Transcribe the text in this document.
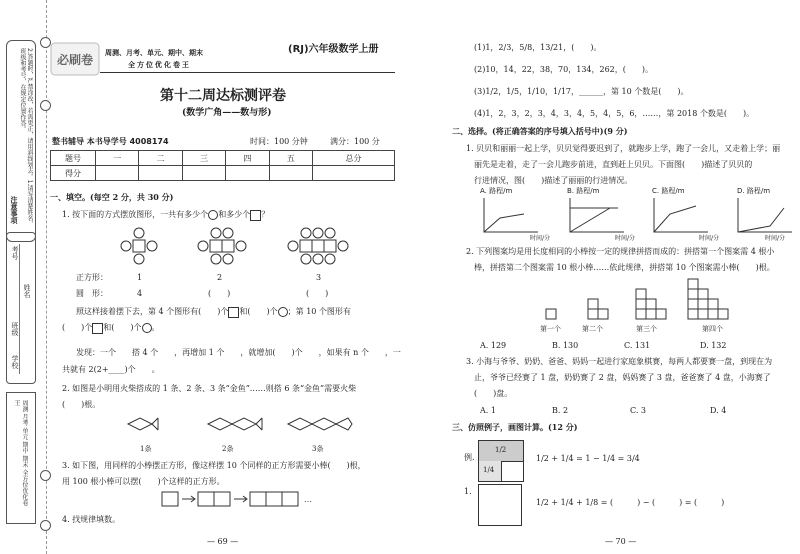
2.答题时，严禁涂改，若需更正，请用斜线划去。1.请写清楚姓名、班级和考号，在规定位置作答。
注意事项
学校
班级
姓名
考号
周测 月考 单元 期中 期末 全方位优化卷王
必刷卷 周测、月考、单元、期中、期末
全方位优化卷王
(RJ)六年级数学上册
第十二周达标测评卷
(数学广角——数与形)
整书辅导 本书导学号 4008174	时间：100 分钟	满分：100 分
题号	一	二	三	四	五	总分
得分						
一、填空。(每空 2 分，共 30 分)
1. 按下面的方式摆放图形，一共有多少个 和多少个 ？
正方形：	1	2	3
圆　形：	4	(　　)	(　　)
照这样接着摆下去，第 4 个图形有(　　)个 和(　　)个 ；第 10 个图形有
(　　)个 和(　　)个 。
发现：一个　　搭 4 个　　，再增加 1 个　　，就增加(　　)个　　，如果有 n 个　　，一
共就有 2(2+____)个　　。
2. 如图是小明用火柴搭成的 1 条、2 条、3 条“金鱼”……则搭 6 条“金鱼”需要火柴
(　　)根。
1条	2条	3条
3. 如下图，用同样的小棒摆正方形，像这样摆 10 个同样的正方形需要小棒(　　)根，
用 100 根小棒可以摆(　　)个这样的正方形。
…
4. 找规律填数。
— 69 —
(1)1，2/3，5/8，13/21，(　　)。
(2)10，14，22，38，70，134，262，(　　)。
(3)1/2，1/5，1/10，1/17，______，第 10 个数是(　　)。
(4)1，2，3，2，3，4，3，4，5，4，5，6，……，第 2018 个数是(　　)。
二、选择。(将正确答案的序号填入括号中)(9 分)
1. 贝贝和丽丽一起上学，贝贝觉得要迟到了，就跑步上学，跑了一会儿，又走着上学；丽
丽先是走着，走了一会儿跑步前进，直到赶上贝贝。下面图(　　)描述了贝贝的
行进情况，图(　　)描述了丽丽的行进情况。
A. 路程/m	B. 路程/m	C. 路程/m	D. 路程/m
时间/分	时间/分	时间/分	时间/分
2. 下列图案均是用长度相同的小棒按一定的规律拼搭而成的：拼搭第一个图案需 4 根小
棒，拼搭第二个图案需 10 根小棒……依此规律，拼搭第 10 个图案需小棒(　　)根。
第一个	第二个	第三个	第四个
A. 129	B. 130	C. 131	D. 132
3. 小海与爷爷、奶奶、爸爸、妈妈一起进行家庭象棋赛，每两人都要赛一盘，到现在为
止，爷爷已经赛了 1 盘，奶奶赛了 2 盘，妈妈赛了 3 盘，爸爸赛了 4 盘，小海赛了
(　　)盘。
A. 1	B. 2	C. 3	D. 4
三、仿照例子，画图计算。(12 分)
例.
1/2
1/4
1/2 + 1/4 = 1 − 1/4 = 3/4
1.
1/2 + 1/4 + 1/8 = (　　　) − (　　　) = (　　　)
— 70 —
